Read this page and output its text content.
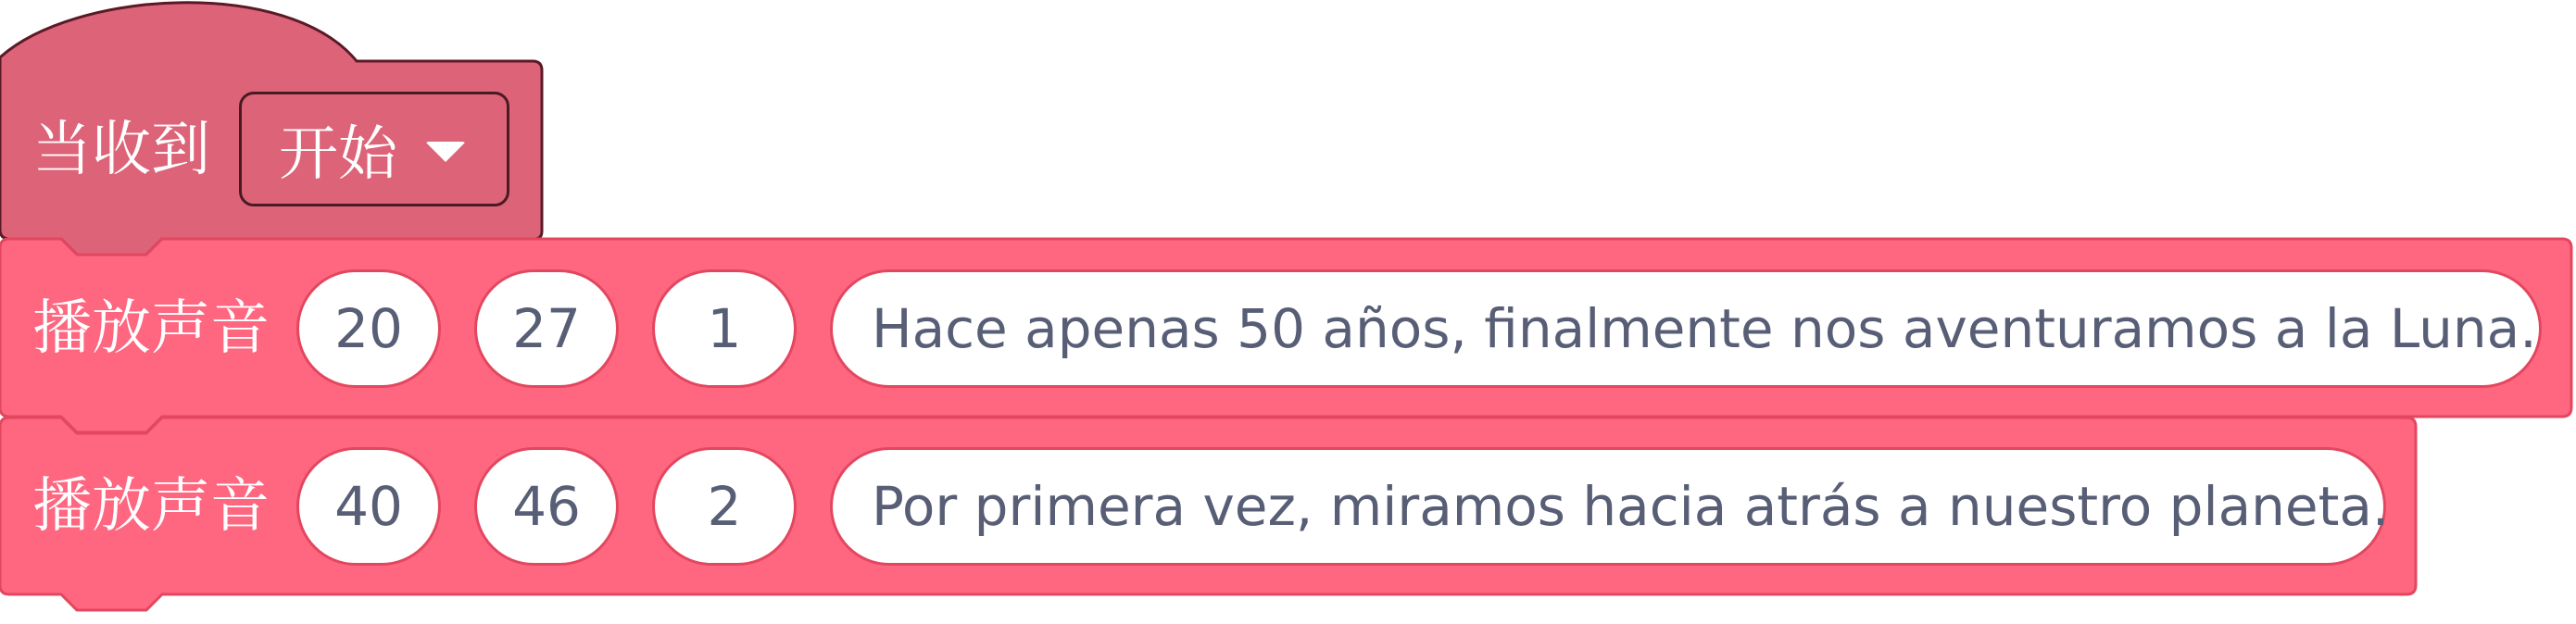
当收到 开始
播放声音	20	27	1	Hace apenas 50 años, finalmente nos aventuramos a la Luna.
播放声音	40	46	2	Por primera vez, miramos hacia atrás a nuestro planeta.
